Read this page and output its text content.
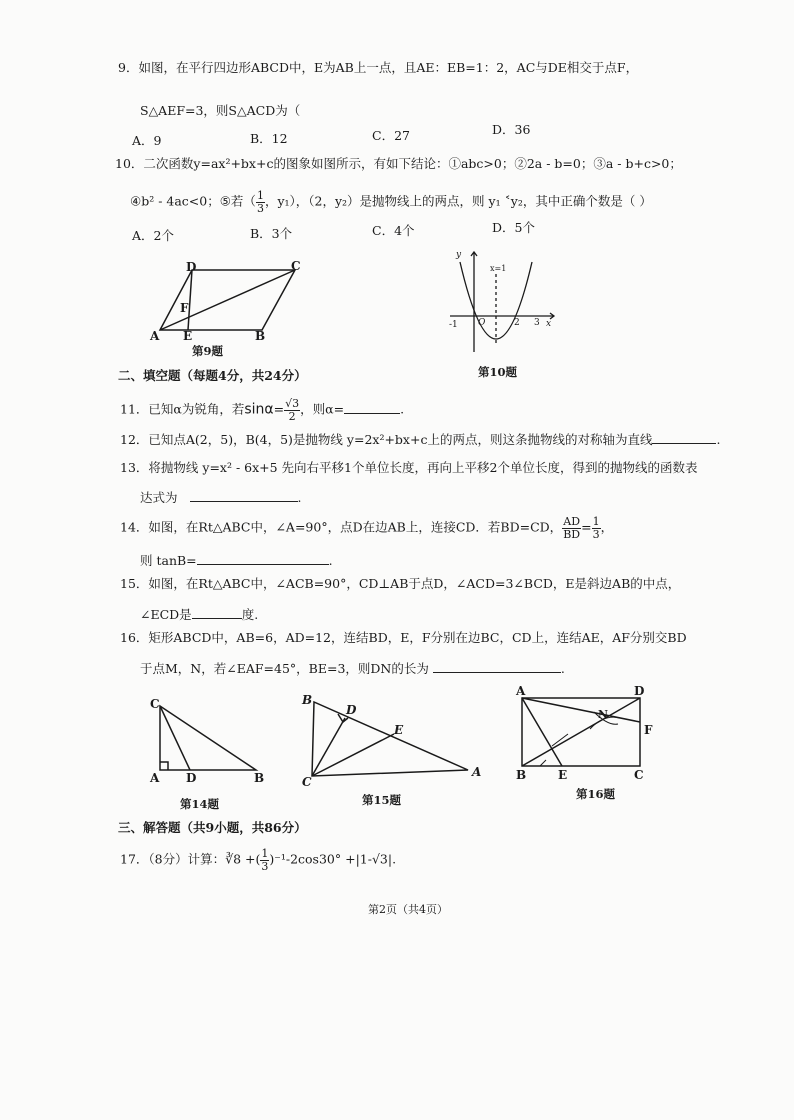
9．如图，在平行四边形ABCD中，E为AB上一点，且AE：EB=1：2，AC与DE相交于点F，
S△AEF=3，则S△ACD为（
A．9	B．12	C．27	D．36
10．二次函数y=ax²+bx+c的图象如图所示，有如下结论：①abc>0；②2a - b=0；③a - b+c>0；
④b² - 4ac<0；⑤若（ $\frac{1}{3}$ ，y₁），（2，y₂）是抛物线上的两点，则 y₁ ˂y₂，其中正确个数是（ ）
A．2个	B．3个	C．4个	D．5个
D	C
F
A E	B
第9题
y
x
x=1
O
-1	2 3
第10题
二、填空题（每题4分，共24分）
11．已知α为锐角，若$\sin\alpha= \frac{√3}{2}$ ，则α=	.
12．已知点A(2，5)，B(4，5)是抛物线 y=2x²+bx+c上的两点，则这条抛物线的对称轴为直线	.
13．将抛物线 y=x² - 6x+5 先向右平移1个单位长度，再向上平移2个单位长度，得到的抛物线的函数表
达式为	.
14．如图，在Rt△ABC中，∠A=90°，点D在边AB上，连接CD．若BD=CD， $\frac{AD}{BD} = \frac{1}{3}$ ，
则 tanB=	.
15．如图，在Rt△ABC中，∠ACB=90°，CD⊥AB于点D，∠ACD=3∠BCD，E是斜边AB的中点，
∠ECD是	度.
16．矩形ABCD中，AB=6，AD=12，连结BD，E，F分别在边BC，CD上，连结AE，AF分别交BD
于点M，N，若∠EAF=45°，BE=3，则DN的长为	.
C
A D	B
第14题
B
D
E
C
A
第15题
A	D
N
F
B	E	C
第16题
三、解答题（共9小题，共86分）
17．（8分）计算：∛8 +( $\frac{1}{3} )^{-1}-2\cos 30^\circ +|1-√3|$.
第2页（共4页）
